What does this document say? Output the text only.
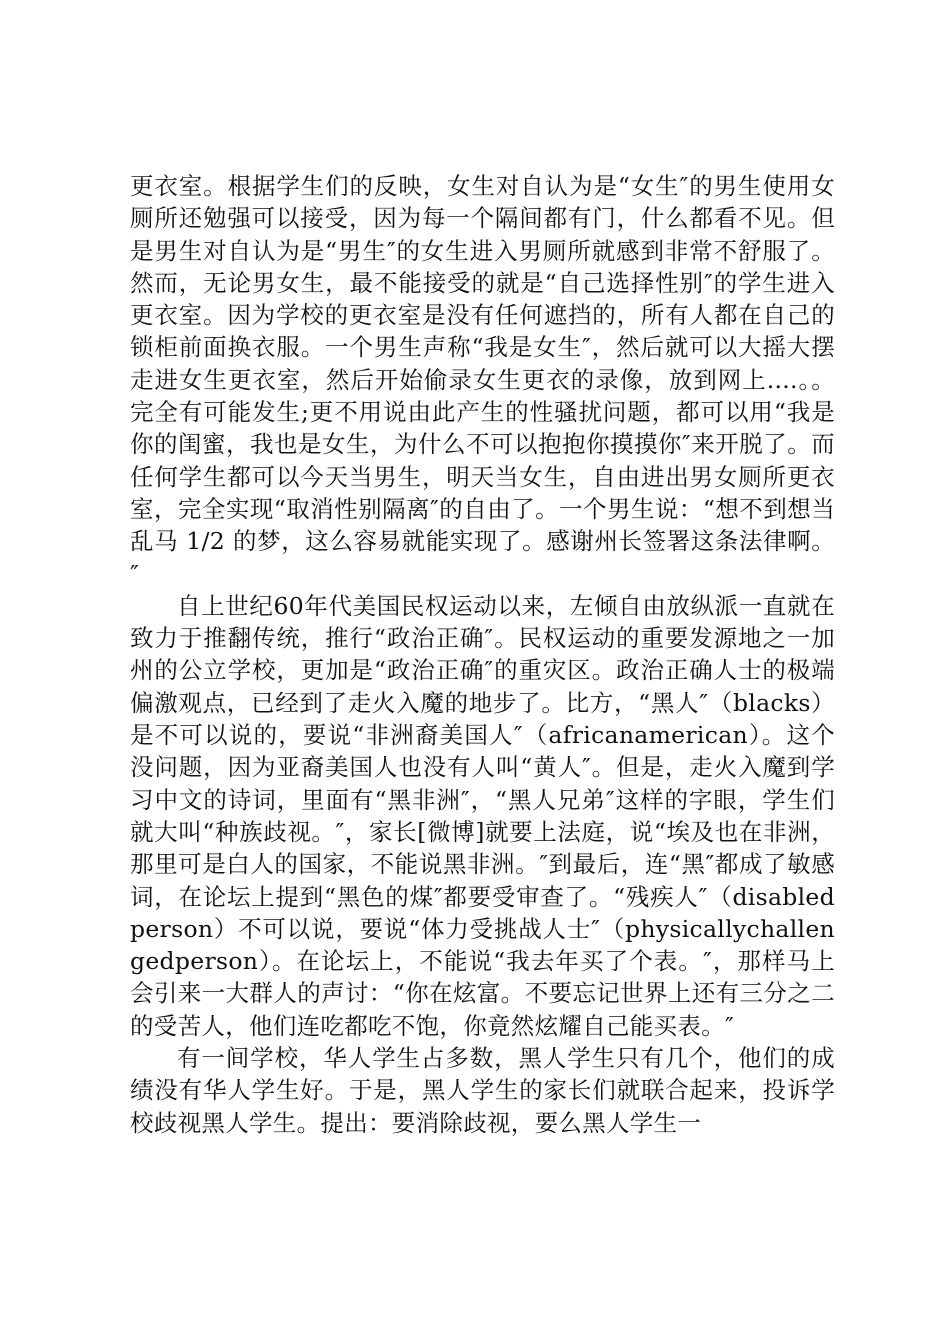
更衣室。根据学生们的反映，女生对自认为是“女生″的男生使用女厕所还勉强可以接受，因为每一个隔间都有门，什么都看不见。但是男生对自认为是“男生″的女生进入男厕所就感到非常不舒服了。然而，无论男女生，最不能接受的就是“自己选择性别″的学生进入更衣室。因为学校的更衣室是没有任何遮挡的，所有人都在自己的锁柜前面换衣服。一个男生声称“我是女生″，然后就可以大摇大摆走进女生更衣室，然后开始偷录女生更衣的录像，放到网上....。。完全有可能发生;更不用说由此产生的性骚扰问题，都可以用“我是你的闺蜜，我也是女生，为什么不可以抱抱你摸摸你″来开脱了。而任何学生都可以今天当男生，明天当女生，自由进出男女厕所更衣室，完全实现“取消性别隔离″的自由了。一个男生说：“想不到想当乱马 1/2 的梦，这么容易就能实现了。感谢州长签署这条法律啊。″

自上世纪60年代美国民权运动以来，左倾自由放纵派一直就在致力于推翻传统，推行“政治正确″。民权运动的重要发源地之一加州的公立学校，更加是“政治正确″的重灾区。政治正确人士的极端偏激观点，已经到了走火入魔的地步了。比方，“黑人″（blacks）是不可以说的，要说“非洲裔美国人″（africanamerican）。这个没问题，因为亚裔美国人也没有人叫“黄人″。但是，走火入魔到学习中文的诗词，里面有“黑非洲″，“黑人兄弟″这样的字眼，学生们就大叫“种族歧视。″，家长[微博]就要上法庭，说“埃及也在非洲，那里可是白人的国家，不能说黑非洲。″到最后，连“黑″都成了敏感词，在论坛上提到“黑色的煤″都要受审查了。“残疾人″（disabledperson）不可以说，要说“体力受挑战人士″（physicallychallengedperson）。在论坛上，不能说“我去年买了个表。″，那样马上会引来一大群人的声讨：“你在炫富。不要忘记世界上还有三分之二的受苦人，他们连吃都吃不饱，你竟然炫耀自己能买表。″

有一间学校，华人学生占多数，黑人学生只有几个，他们的成绩没有华人学生好。于是，黑人学生的家长们就联合起来，投诉学校歧视黑人学生。提出：要消除歧视，要么黑人学生一
